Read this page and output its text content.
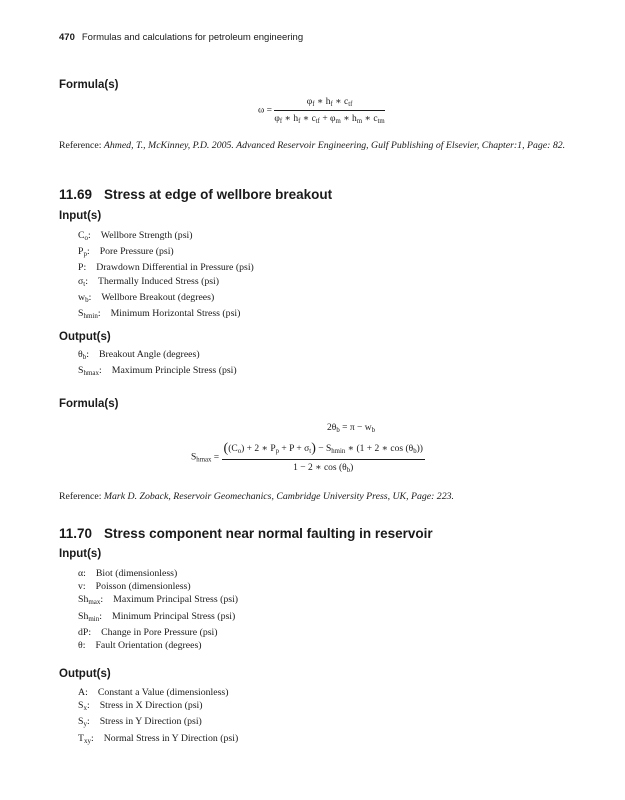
470 Formulas and calculations for petroleum engineering
Formula(s)
$\omega = \frac{\varphi_f ∗ h_f ∗ c_{tf}}{\varphi_f ∗ h_f ∗ c_{tf} + \varphi_m ∗ h_m ∗ c_{tm}}$
Reference: Ahmed, T., McKinney, P.D. 2005. Advanced Reservoir Engineering, Gulf Publishing of Elsevier, Chapter:1, Page: 82.
11.69 Stress at edge of wellbore breakout
Input(s)
$C_o$: Wellbore Strength (psi)
$P_p$: Pore Pressure (psi)
P: Drawdown Differential in Pressure (psi)
$\sigma_t$: Thermally Induced Stress (psi)
$w_b$: Wellbore Breakout (degrees)
$S_{hmin}$: Minimum Horizontal Stress (psi)
Output(s)
$\theta_b$: Breakout Angle (degrees)
$S_{hmax}$: Maximum Principle Stress (psi)
Formula(s)
$2\theta_b = \pi - w_b$
$S_{hmax} = \frac{((C_o) + 2 ∗ P_p + P + \sigma_t) - S_{hmin} ∗ (1 + 2 ∗ \cos (\theta_b))}{1 - 2 ∗ \cos (\theta_b)}$
Reference: Mark D. Zoback, Reservoir Geomechanics, Cambridge University Press, UK, Page: 223.
11.70 Stress component near normal faulting in reservoir
Input(s)
α: Biot (dimensionless)
v: Poisson (dimensionless)
$Sh_{max}$: Maximum Principal Stress (psi)
$Sh_{min}$: Minimum Principal Stress (psi)
dP: Change in Pore Pressure (psi)
θ: Fault Orientation (degrees)
Output(s)
A: Constant a Value (dimensionless)
$S_x$: Stress in X Direction (psi)
$S_y$: Stress in Y Direction (psi)
$T_{xy}$: Normal Stress in Y Direction (psi)
